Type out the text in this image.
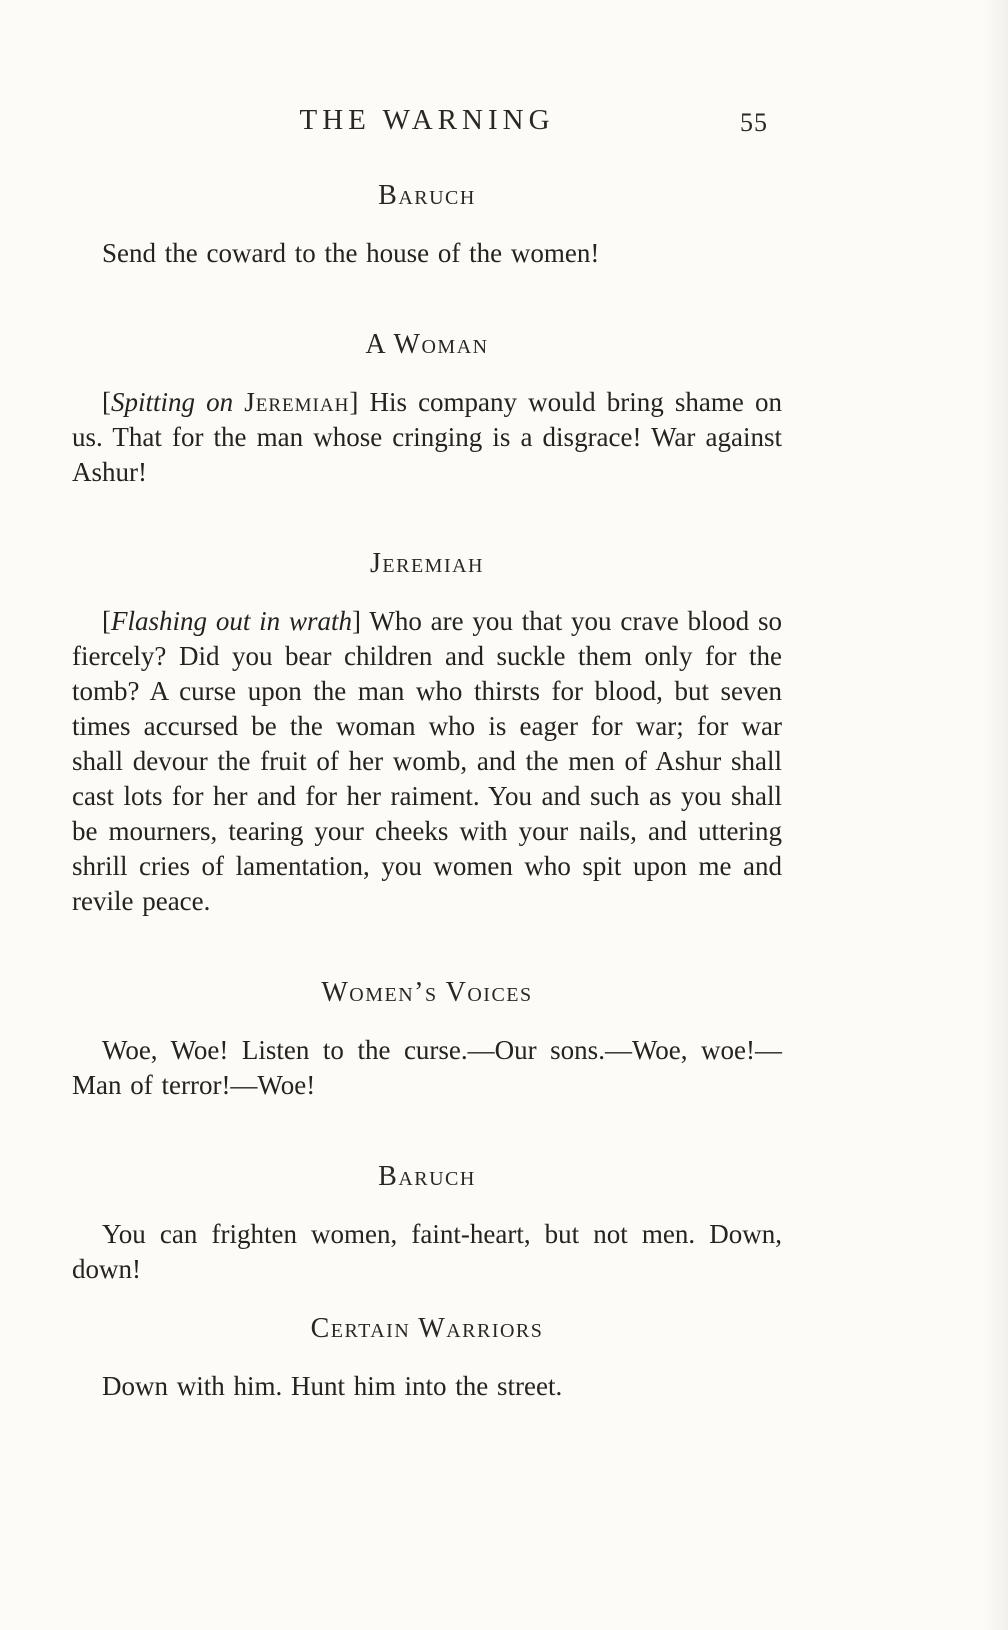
THE WARNING	55
Baruch

Send the coward to the house of the women!

A Woman

[Spitting on Jeremiah] His company would bring shame on us. That for the man whose cringing is a disgrace! War against Ashur!

Jeremiah

[Flashing out in wrath] Who are you that you crave blood so fiercely? Did you bear children and suckle them only for the tomb? A curse upon the man who thirsts for blood, but seven times accursed be the woman who is eager for war; for war shall devour the fruit of her womb, and the men of Ashur shall cast lots for her and for her raiment. You and such as you shall be mourners, tearing your cheeks with your nails, and uttering shrill cries of lamentation, you women who spit upon me and revile peace.

Women’s Voices

Woe, Woe! Listen to the curse.—Our sons.—Woe, woe!—Man of terror!—Woe!

Baruch

You can frighten women, faint-heart, but not men. Down, down!

Certain Warriors

Down with him. Hunt him into the street.
